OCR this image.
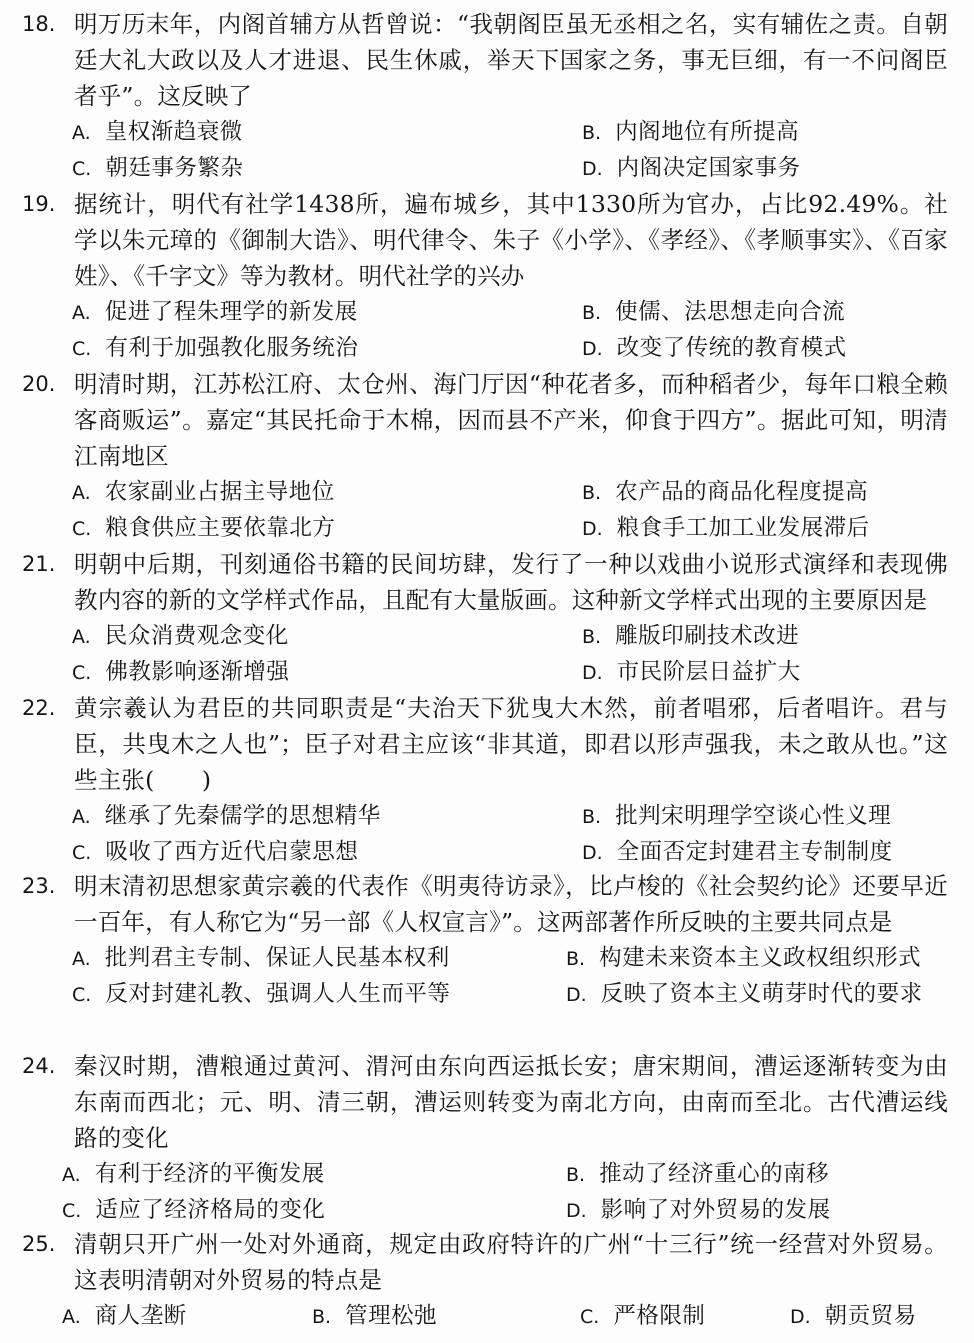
18. 明万历末年，内阁首辅方从哲曾说：“我朝阁臣虽无丞相之名，实有辅佐之责。自朝廷大礼大政以及人才进退、民生休戚，举天下国家之务，事无巨细，有一不问阁臣者乎”。这反映了

A. 皇权渐趋衰微	B. 内阁地位有所提高
C. 朝廷事务繁杂	D. 内阁决定国家事务

19. 据统计，明代有社学1438所，遍布城乡，其中1330所为官办，占比92.49%。社学以朱元璋的《御制大诰》、明代律令、朱子《小学》、《孝经》、《孝顺事实》、《百家姓》、《千字文》等为教材。明代社学的兴办

A. 促进了程朱理学的新发展	B. 使儒、法思想走向合流
C. 有利于加强教化服务统治	D. 改变了传统的教育模式

20. 明清时期，江苏松江府、太仓州、海门厅因“种花者多，而种稻者少，每年口粮全赖客商贩运”。嘉定“其民托命于木棉，因而县不产米，仰食于四方”。据此可知，明清江南地区

A. 农家副业占据主导地位	B. 农产品的商品化程度提高
C. 粮食供应主要依靠北方	D. 粮食手工加工业发展滞后

21. 明朝中后期，刊刻通俗书籍的民间坊肆，发行了一种以戏曲小说形式演绎和表现佛教内容的新的文学样式作品，且配有大量版画。这种新文学样式出现的主要原因是

A. 民众消费观念变化	B. 雕版印刷技术改进
C. 佛教影响逐渐增强	D. 市民阶层日益扩大

22. 黄宗羲认为君臣的共同职责是“夫治天下犹曳大木然，前者唱邪，后者唱许。君与臣，共曳木之人也”；臣子对君主应该“非其道，即君以形声强我，未之敢从也。”这些主张(　　)

A. 继承了先秦儒学的思想精华	B. 批判宋明理学空谈心性义理
C. 吸收了西方近代启蒙思想	D. 全面否定封建君主专制制度

23. 明末清初思想家黄宗羲的代表作《明夷待访录》，比卢梭的《社会契约论》还要早近一百年，有人称它为“另一部《人权宣言》”。这两部著作所反映的主要共同点是

A. 批判君主专制、保证人民基本权利	B. 构建未来资本主义政权组织形式
C. 反对封建礼教、强调人人生而平等	D. 反映了资本主义萌芽时代的要求

24. 秦汉时期，漕粮通过黄河、渭河由东向西运抵长安；唐宋期间，漕运逐渐转变为由东南而西北；元、明、清三朝，漕运则转变为南北方向，由南而至北。古代漕运线路的变化

A. 有利于经济的平衡发展	B. 推动了经济重心的南移
C. 适应了经济格局的变化	D. 影响了对外贸易的发展

25. 清朝只开广州一处对外通商，规定由政府特许的广州“十三行”统一经营对外贸易。这表明清朝对外贸易的特点是

A. 商人垄断	B. 管理松弛	C. 严格限制	D. 朝贡贸易
